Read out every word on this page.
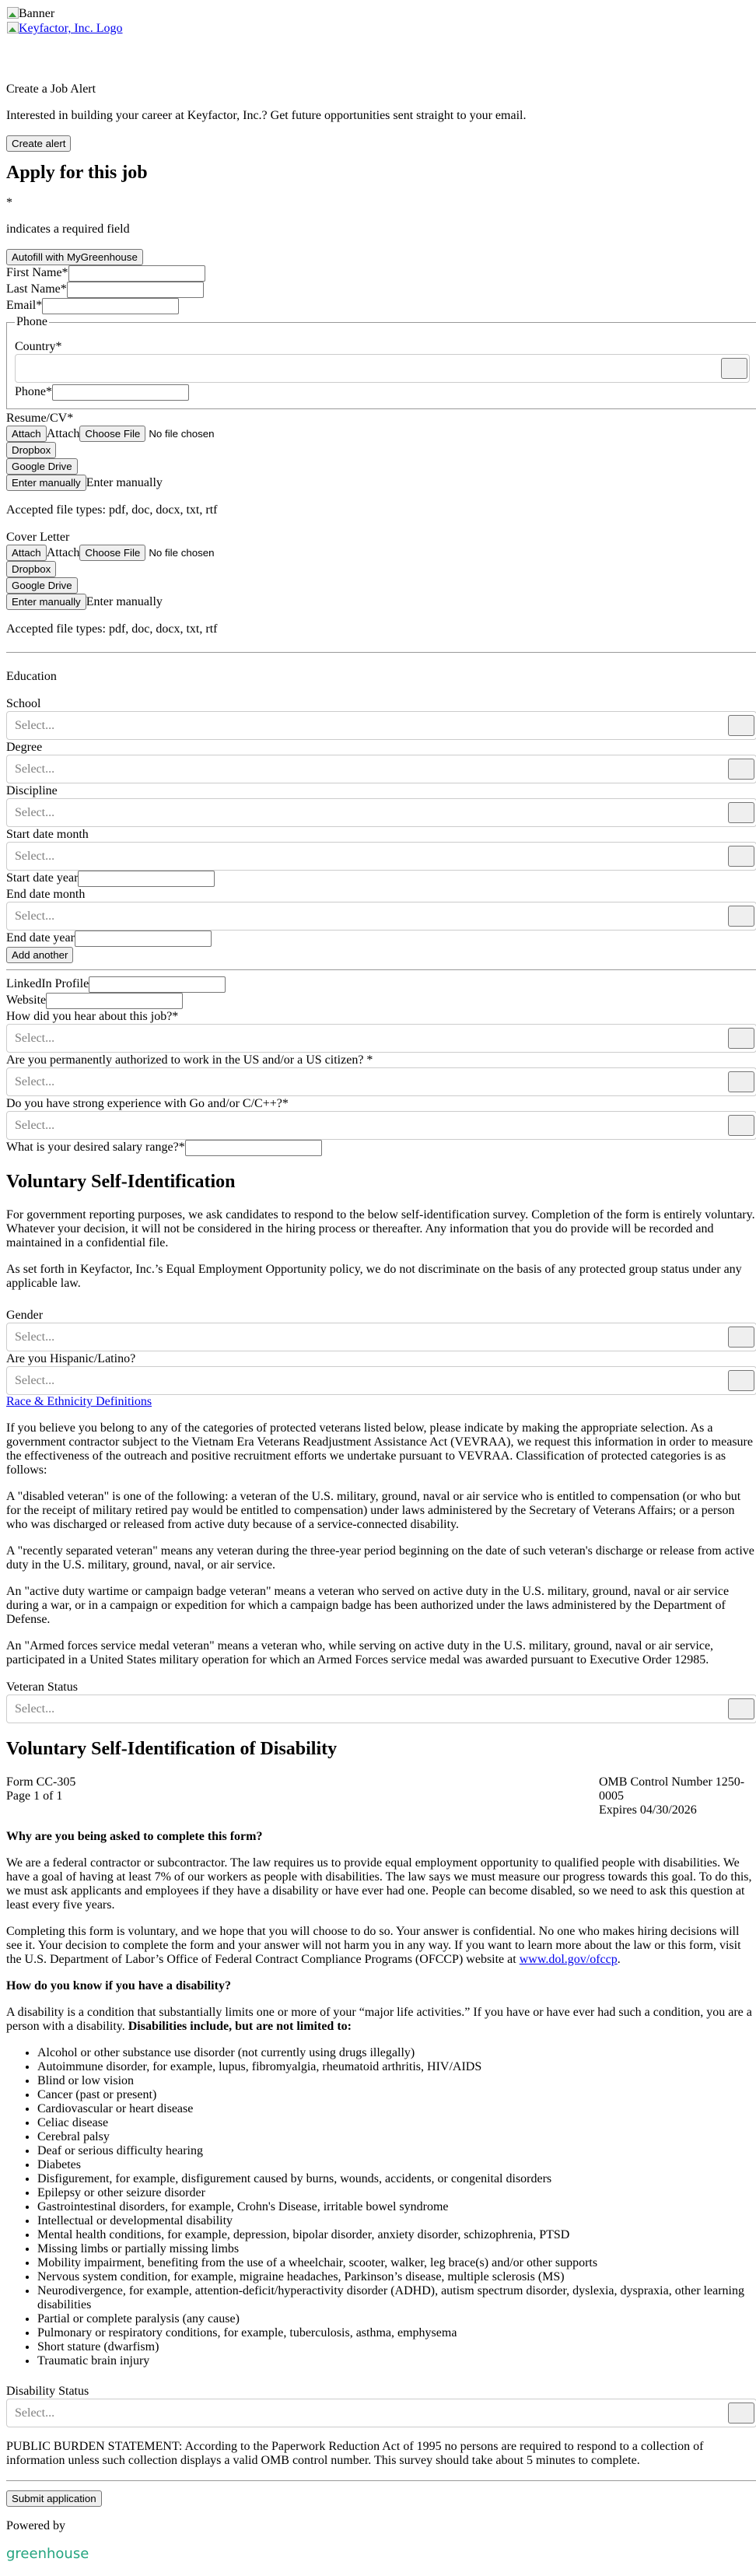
Banner
Keyfactor, Inc. Logo

Create a Job Alert

Interested in building your career at Keyfactor, Inc.? Get future opportunities sent straight to your email.

Create alert
Apply for this job
*

indicates a required field

Autofill with MyGreenhouse
First Name*
Last Name*
Email*
Phone
Country*
Phone*
Resume/CV*
Attach Attach Choose File No file chosen
Dropbox
Google Drive
Enter manually Enter manually

Accepted file types: pdf, doc, docx, txt, rtf

Cover Letter
Attach Attach Choose File No file chosen
Dropbox
Google Drive
Enter manually Enter manually

Accepted file types: pdf, doc, docx, txt, rtf

Education
School
Select...
Degree
Select...
Discipline
Select...
Start date month
Select...
Start date year
End date month
Select...
End date year
Add another
LinkedIn Profile
Website
How did you hear about this job?*
Select...
Are you permanently authorized to work in the US and/or a US citizen? *
Select...
Do you have strong experience with Go and/or C/C++?*
Select...
What is your desired salary range?*
Voluntary Self-Identification

For government reporting purposes, we ask candidates to respond to the below self-identification survey. Completion of the form is entirely voluntary. Whatever your decision, it will not be considered in the hiring process or thereafter. Any information that you do provide will be recorded and maintained in a confidential file.

As set forth in Keyfactor, Inc.’s Equal Employment Opportunity policy, we do not discriminate on the basis of any protected group status under any applicable law.

Gender
Select...
Are you Hispanic/Latino?
Select...
Race & Ethnicity Definitions

If you believe you belong to any of the categories of protected veterans listed below, please indicate by making the appropriate selection. As a government contractor subject to the Vietnam Era Veterans Readjustment Assistance Act (VEVRAA), we request this information in order to measure the effectiveness of the outreach and positive recruitment efforts we undertake pursuant to VEVRAA. Classification of protected categories is as follows:

A "disabled veteran" is one of the following: a veteran of the U.S. military, ground, naval or air service who is entitled to compensation (or who but for the receipt of military retired pay would be entitled to compensation) under laws administered by the Secretary of Veterans Affairs; or a person who was discharged or released from active duty because of a service-connected disability.

A "recently separated veteran" means any veteran during the three-year period beginning on the date of such veteran's discharge or release from active duty in the U.S. military, ground, naval, or air service.

An "active duty wartime or campaign badge veteran" means a veteran who served on active duty in the U.S. military, ground, naval or air service during a war, or in a campaign or expedition for which a campaign badge has been authorized under the laws administered by the Department of Defense.

An "Armed forces service medal veteran" means a veteran who, while serving on active duty in the U.S. military, ground, naval or air service, participated in a United States military operation for which an Armed Forces service medal was awarded pursuant to Executive Order 12985.

Veteran Status
Select...
Voluntary Self-Identification of Disability
Form CC-305
Page 1 of 1
OMB Control Number 1250-0005
Expires 04/30/2026

Why are you being asked to complete this form?

We are a federal contractor or subcontractor. The law requires us to provide equal employment opportunity to qualified people with disabilities. We have a goal of having at least 7% of our workers as people with disabilities. The law says we must measure our progress towards this goal. To do this, we must ask applicants and employees if they have a disability or have ever had one. People can become disabled, so we need to ask this question at least every five years.

Completing this form is voluntary, and we hope that you will choose to do so. Your answer is confidential. No one who makes hiring decisions will see it. Your decision to complete the form and your answer will not harm you in any way. If you want to learn more about the law or this form, visit the U.S. Department of Labor’s Office of Federal Contract Compliance Programs (OFCCP) website at www.dol.gov/ofccp.

How do you know if you have a disability?

A disability is a condition that substantially limits one or more of your “major life activities.” If you have or have ever had such a condition, you are a person with a disability. Disabilities include, but are not limited to:

• Alcohol or other substance use disorder (not currently using drugs illegally)
• Autoimmune disorder, for example, lupus, fibromyalgia, rheumatoid arthritis, HIV/AIDS
• Blind or low vision
• Cancer (past or present)
• Cardiovascular or heart disease
• Celiac disease
• Cerebral palsy
• Deaf or serious difficulty hearing
• Diabetes
• Disfigurement, for example, disfigurement caused by burns, wounds, accidents, or congenital disorders
• Epilepsy or other seizure disorder
• Gastrointestinal disorders, for example, Crohn's Disease, irritable bowel syndrome
• Intellectual or developmental disability
• Mental health conditions, for example, depression, bipolar disorder, anxiety disorder, schizophrenia, PTSD
• Missing limbs or partially missing limbs
• Mobility impairment, benefiting from the use of a wheelchair, scooter, walker, leg brace(s) and/or other supports
• Nervous system condition, for example, migraine headaches, Parkinson’s disease, multiple sclerosis (MS)
• Neurodivergence, for example, attention-deficit/hyperactivity disorder (ADHD), autism spectrum disorder, dyslexia, dyspraxia, other learning disabilities
• Partial or complete paralysis (any cause)
• Pulmonary or respiratory conditions, for example, tuberculosis, asthma, emphysema
• Short stature (dwarfism)
• Traumatic brain injury
Disability Status
Select...

PUBLIC BURDEN STATEMENT: According to the Paperwork Reduction Act of 1995 no persons are required to respond to a collection of information unless such collection displays a valid OMB control number. This survey should take about 5 minutes to complete.

Submit application

Powered by

greenhouse
